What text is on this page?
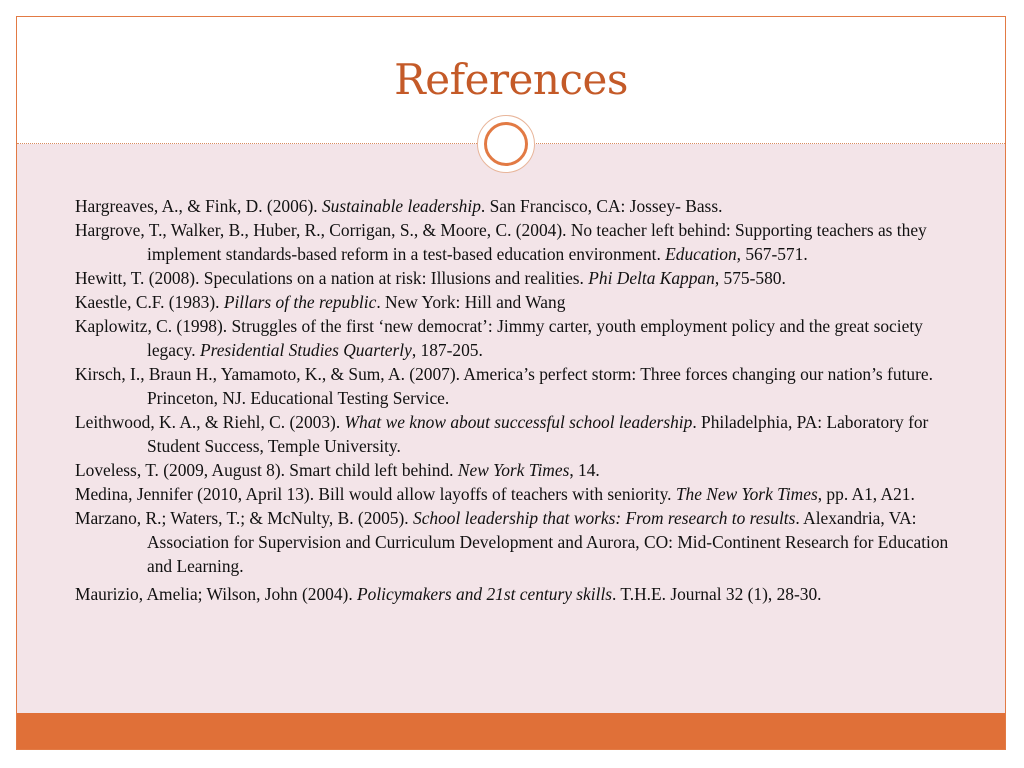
References
Hargreaves, A., & Fink, D. (2006). Sustainable leadership. San Francisco, CA: Jossey- Bass.
Hargrove, T., Walker, B., Huber, R., Corrigan, S., & Moore, C. (2004). No teacher left behind: Supporting teachers as they implement standards-based reform in a test-based education environment. Education, 567-571.
Hewitt, T. (2008). Speculations on a nation at risk: Illusions and realities. Phi Delta Kappan, 575-580.
Kaestle, C.F. (1983). Pillars of the republic. New York: Hill and Wang
Kaplowitz, C. (1998). Struggles of the first ‘new democrat’: Jimmy carter, youth employment policy and the great society legacy. Presidential Studies Quarterly, 187-205.
Kirsch, I., Braun H., Yamamoto, K., & Sum, A. (2007). America’s perfect storm: Three forces changing our nation’s future. Princeton, NJ. Educational Testing Service.
Leithwood, K. A., & Riehl, C. (2003). What we know about successful school leadership. Philadelphia, PA: Laboratory for Student Success, Temple University.
Loveless, T. (2009, August 8). Smart child left behind. New York Times, 14.
Medina, Jennifer (2010, April 13). Bill would allow layoffs of teachers with seniority. The New York Times, pp. A1, A21.
Marzano, R.; Waters, T.; & McNulty, B. (2005). School leadership that works: From research to results. Alexandria, VA: Association for Supervision and Curriculum Development and Aurora, CO: Mid-Continent Research for Education and Learning.
Maurizio, Amelia; Wilson, John (2004). Policymakers and 21st century skills. T.H.E. Journal 32 (1), 28-30.
